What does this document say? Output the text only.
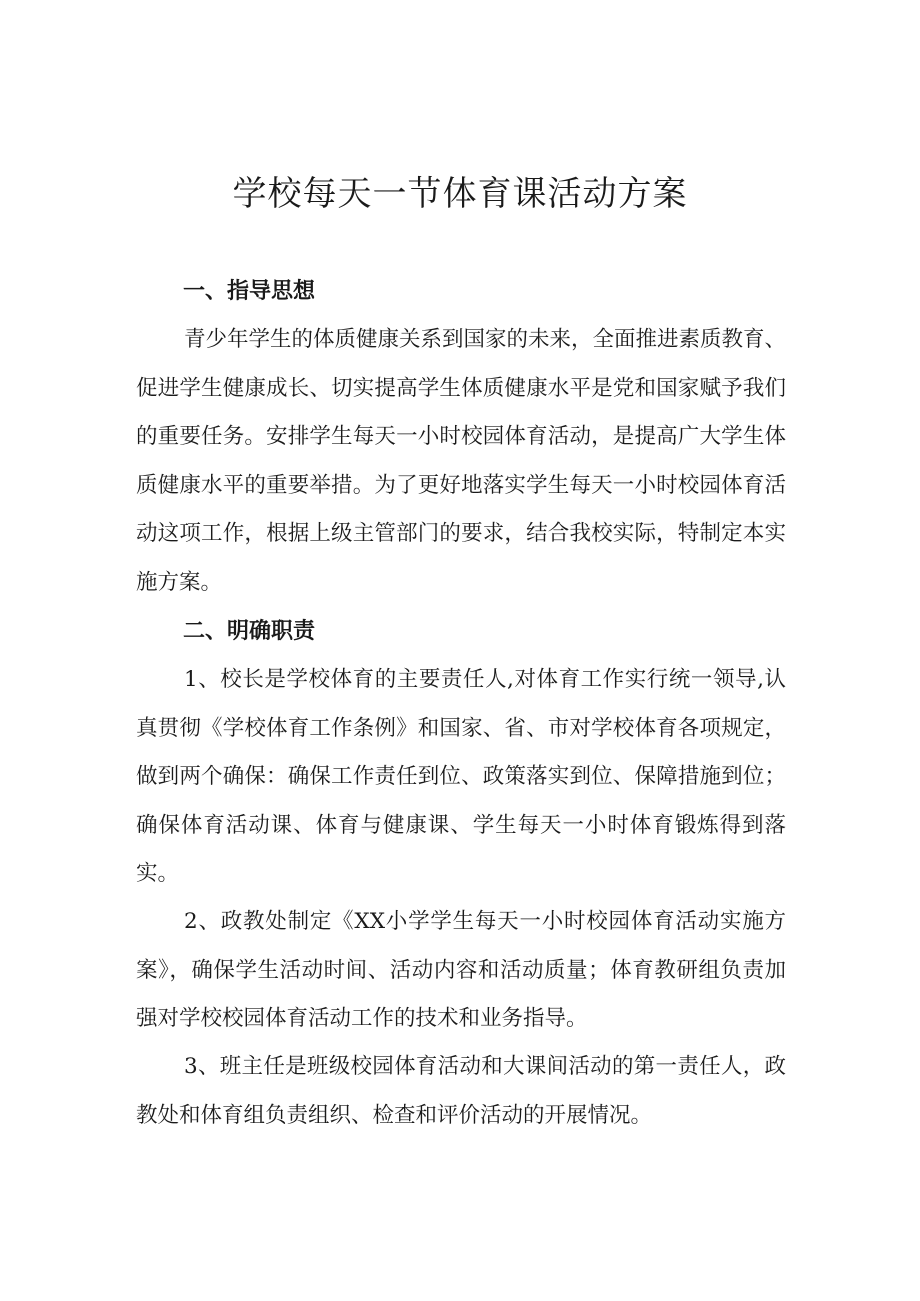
学校每天一节体育课活动方案
一、指导思想

青少年学生的体质健康关系到国家的未来，全面推进素质教育、促进学生健康成长、切实提高学生体质健康水平是党和国家赋予我们的重要任务。安排学生每天一小时校园体育活动，是提高广大学生体质健康水平的重要举措。为了更好地落实学生每天一小时校园体育活动这项工作，根据上级主管部门的要求，结合我校实际，特制定本实施方案。

二、明确职责

1、校长是学校体育的主要责任人,对体育工作实行统一领导,认真贯彻《学校体育工作条例》和国家、省、市对学校体育各项规定，做到两个确保：确保工作责任到位、政策落实到位、保障措施到位；确保体育活动课、体育与健康课、学生每天一小时体育锻炼得到落实。

2、政教处制定《XX小学学生每天一小时校园体育活动实施方案》，确保学生活动时间、活动内容和活动质量；体育教研组负责加强对学校校园体育活动工作的技术和业务指导。

3、班主任是班级校园体育活动和大课间活动的第一责任人，政教处和体育组负责组织、检查和评价活动的开展情况。
